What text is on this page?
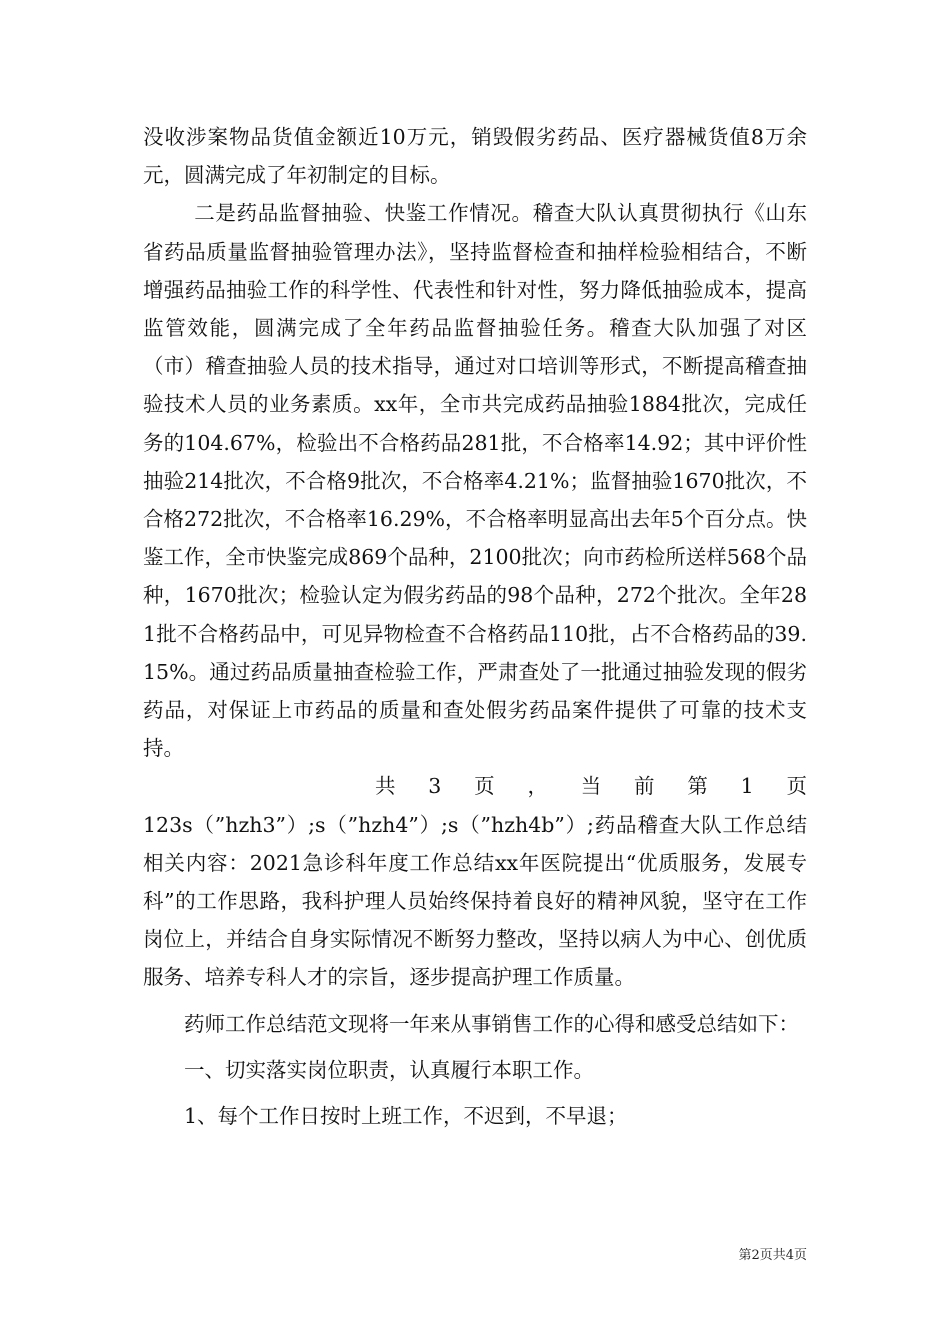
没收涉案物品货值金额近10万元，销毁假劣药品、医疗器械货值8万余元，圆满完成了年初制定的目标。

二是药品监督抽验、快鉴工作情况。稽查大队认真贯彻执行《山东省药品质量监督抽验管理办法》，坚持监督检查和抽样检验相结合，不断增强药品抽验工作的科学性、代表性和针对性，努力降低抽验成本，提高监管效能，圆满完成了全年药品监督抽验任务。稽查大队加强了对区（市）稽查抽验人员的技术指导，通过对口培训等形式，不断提高稽查抽验技术人员的业务素质。xx年，全市共完成药品抽验1884批次，完成任务的104.67%，检验出不合格药品281批，不合格率14.92；其中评价性抽验214批次，不合格9批次，不合格率4.21%；监督抽验1670批次，不合格272批次，不合格率16.29%，不合格率明显高出去年5个百分点。快鉴工作，全市快鉴完成869个品种，2100批次；向市药检所送样568个品种，1670批次；检验认定为假劣药品的98个品种，272个批次。全年281批不合格药品中，可见异物检查不合格药品110批，占不合格药品的39.15%。通过药品质量抽查检验工作，严肃查处了一批通过抽验发现的假劣药品，对保证上市药品的质量和查处假劣药品案件提供了可靠的技术支持。

共 3 页 ， 当 前 第 1 页

123s（”hzh3”）;s（”hzh4”）;s（”hzh4b”）;药品稽查大队工作总结相关内容：2021急诊科年度工作总结xx年医院提出“优质服务，发展专科”的工作思路，我科护理人员始终保持着良好的精神风貌，坚守在工作岗位上，并结合自身实际情况不断努力整改，坚持以病人为中心、创优质服务、培养专科人才的宗旨，逐步提高护理工作质量。

药师工作总结范文现将一年来从事销售工作的心得和感受总结如下：

一、切实落实岗位职责，认真履行本职工作。

1、每个工作日按时上班工作，不迟到，不早退；

第2页共4页
